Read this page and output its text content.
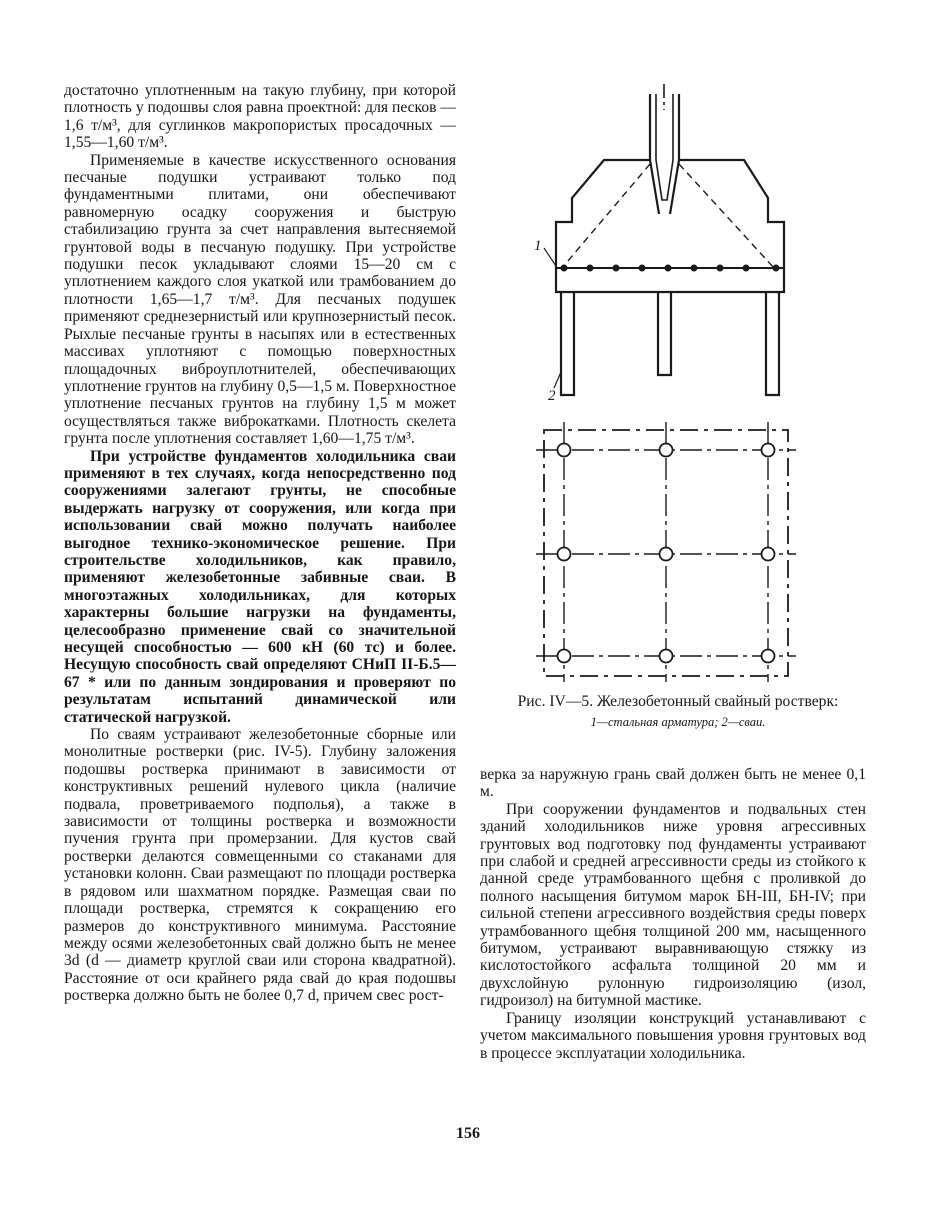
достаточно уплотненным на такую глубину, при которой плотность у подошвы слоя равна проектной: для песков — 1,6 т/м³, для суглинков макропористых просадочных — 1,55—1,60 т/м³.

Применяемые в качестве искусственного основания песчаные подушки устраивают только под фундаментными плитами, они обеспечивают равномерную осадку сооружения и быструю стабилизацию грунта за счет направления вытесняемой грунтовой воды в песчаную подушку. При устройстве подушки песок укладывают слоями 15—20 см с уплотнением каждого слоя укаткой или трамбованием до плотности 1,65—1,7 т/м³. Для песчаных подушек применяют среднезернистый или крупнозернистый песок. Рыхлые песчаные грунты в насыпях или в естественных массивах уплотняют с помощью поверхностных площадочных виброуплотнителей, обеспечивающих уплотнение грунтов на глубину 0,5—1,5 м. Поверхностное уплотнение песчаных грунтов на глубину 1,5 м может осуществляться также виброкатками. Плотность скелета грунта после уплотнения составляет 1,60—1,75 т/м³.

При устройстве фундаментов холодильника сваи применяют в тех случаях, когда непосредственно под сооружениями залегают грунты, не способные выдержать нагрузку от сооружения, или когда при использовании свай можно получать наиболее выгодное технико-экономическое решение. При строительстве холодильников, как правило, применяют железобетонные забивные сваи. В многоэтажных холодильниках, для которых характерны большие нагрузки на фундаменты, целесообразно применение свай со значительной несущей способностью — 600 кН (60 тс) и более. Несущую способность свай определяют СНиП II-Б.5—67 * или по данным зондирования и проверяют по результатам испытаний динамической или статической нагрузкой.

По сваям устраивают железобетонные сборные или монолитные ростверки (рис. IV-5). Глубину заложения подошвы ростверка принимают в зависимости от конструктивных решений нулевого цикла (наличие подвала, проветриваемого подполья), а также в зависимости от толщины ростверка и возможности пучения грунта при промерзании. Для кустов свай ростверки делаются совмещенными со стаканами для установки колонн. Сваи размещают по площади ростверка в рядовом или шахматном порядке. Размещая сваи по площади ростверка, стремятся к сокращению его размеров до конструктивного минимума. Расстояние между осями железобетонных свай должно быть не менее 3d (d — диаметр круглой сваи или сторона квадратной). Расстояние от оси крайнего ряда свай до края подошвы ростверка должно быть не более 0,7 d, причем свес рост-

1
2
Рис. IV—5. Железобетонный свайный ростверк:
1—стальная арматура; 2—сваи.

верка за наружную грань свай должен быть не менее 0,1 м.

При сооружении фундаментов и подвальных стен зданий холодильников ниже уровня агрессивных грунтовых вод подготовку под фундаменты устраивают при слабой и средней агрессивности среды из стойкого к данной среде утрамбованного щебня с проливкой до полного насыщения битумом марок БН-III, БН-IV; при сильной степени агрессивного воздействия среды поверх утрамбованного щебня толщиной 200 мм, насыщенного битумом, устраивают выравнивающую стяжку из кислотостойкого асфальта толщиной 20 мм и двухслойную рулонную гидроизоляцию (изол, гидроизол) на битумной мастике.

Границу изоляции конструкций устанавливают с учетом максимального повышения уровня грунтовых вод в процессе эксплуатации холодильника.

156
